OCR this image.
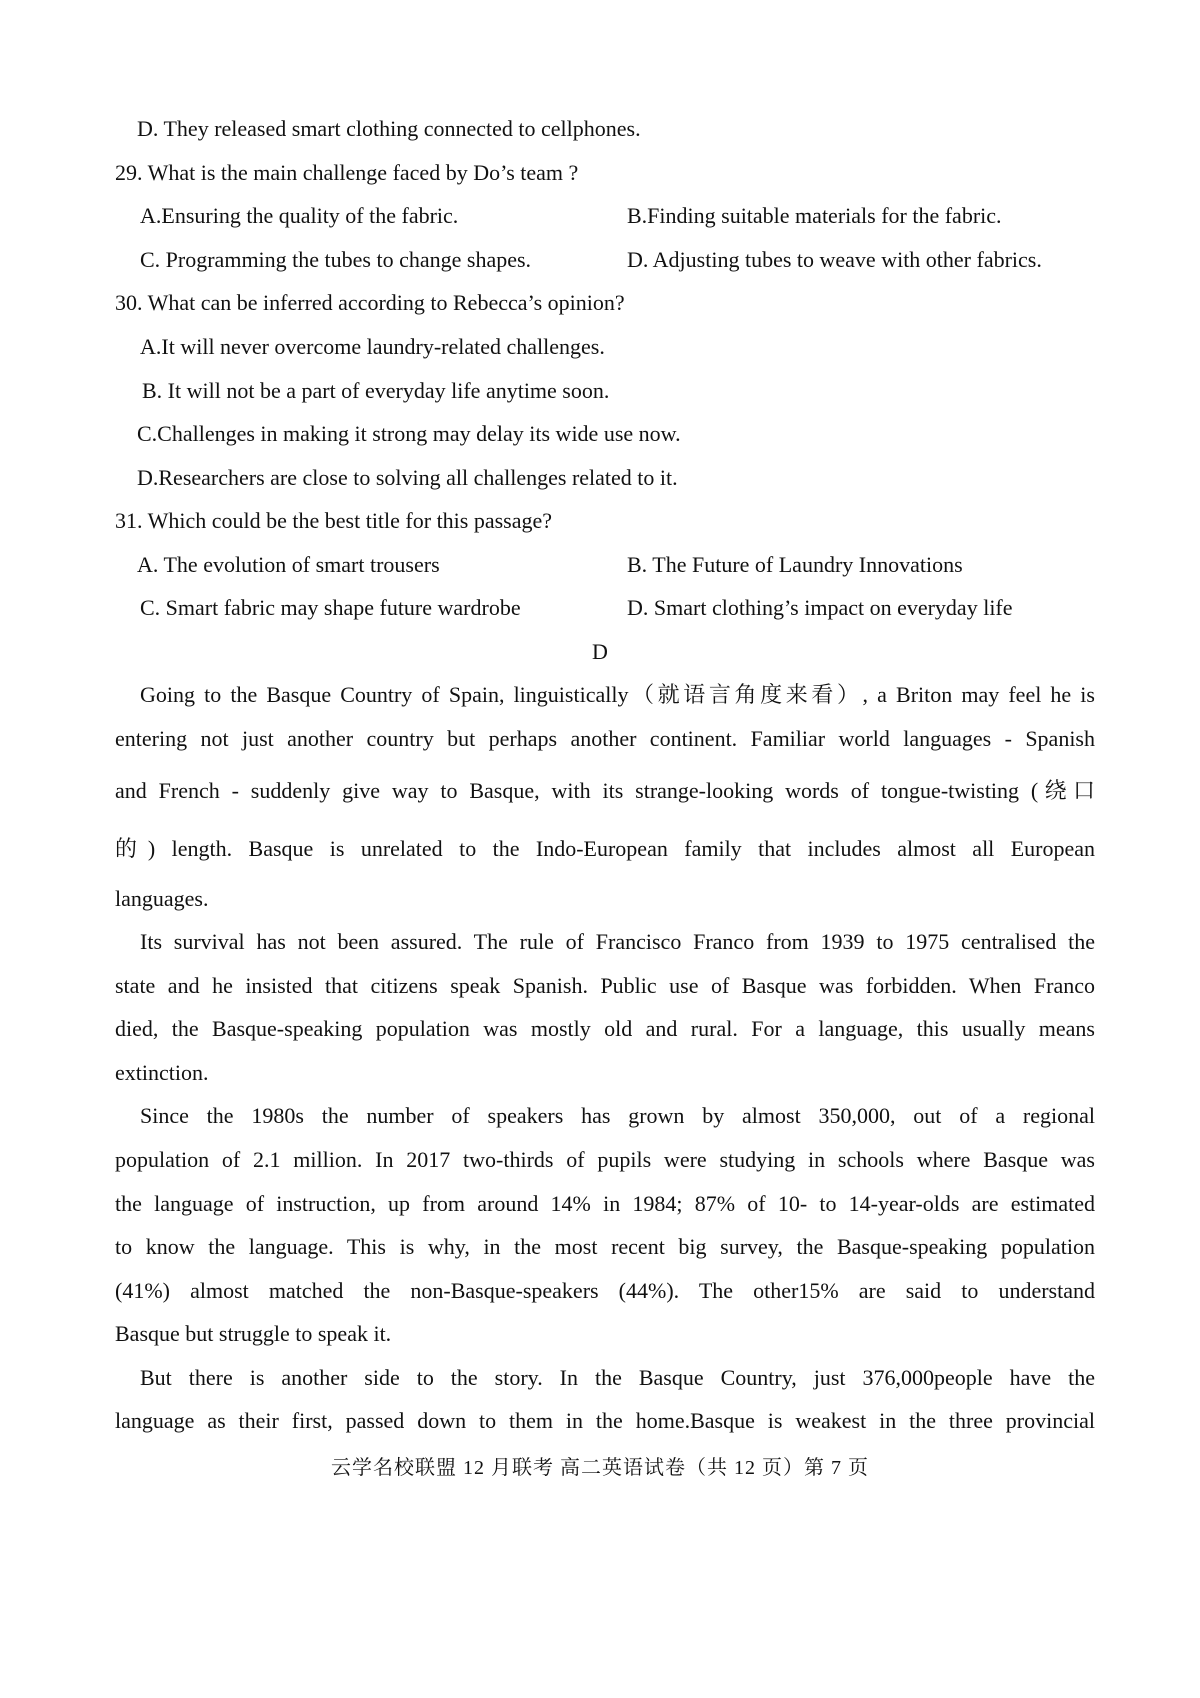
D. They released smart clothing connected to cellphones.
29. What is the main challenge faced by Do’s team ?
A.Ensuring the quality of the fabric.	B.Finding suitable materials for the fabric.
C. Programming the tubes to change shapes.	D. Adjusting tubes to weave with other fabrics.
30. What can be inferred according to Rebecca’s opinion?
A.It will never overcome laundry-related challenges.
B. It will not be a part of everyday life anytime soon.
C.Challenges in making it strong may delay its wide use now.
D.Researchers are close to solving all challenges related to it.
31. Which could be the best title for this passage?
A. The evolution of smart trousers	B. The Future of Laundry Innovations
C. Smart fabric may shape future wardrobe	D. Smart clothing’s impact on everyday life
D
Going to the Basque Country of Spain, linguistically（就语言角度来看）, a Briton may feel he is
entering not just another country but perhaps another continent. Familiar world languages - Spanish
and French - suddenly give way to Basque, with its strange-looking words of tongue-twisting (绕口
的) length. Basque is unrelated to the Indo-European family that includes almost all European
languages.
Its survival has not been assured. The rule of Francisco Franco from 1939 to 1975 centralised the
state and he insisted that citizens speak Spanish. Public use of Basque was forbidden. When Franco
died, the Basque-speaking population was mostly old and rural. For a language, this usually means
extinction.
Since the 1980s the number of speakers has grown by almost 350,000, out of a regional
population of 2.1 million. In 2017 two-thirds of pupils were studying in schools where Basque was
the language of instruction, up from around 14% in 1984; 87% of 10- to 14-year-olds are estimated
to know the language. This is why, in the most recent big survey, the Basque-speaking population
(41%) almost matched the non-Basque-speakers (44%). The other15% are said to understand
Basque but struggle to speak it.
But there is another side to the story. In the Basque Country, just 376,000people have the
language as their first, passed down to them in the home.Basque is weakest in the three provincial
云学名校联盟 12 月联考 高二英语试卷（共 12 页）第 7 页
